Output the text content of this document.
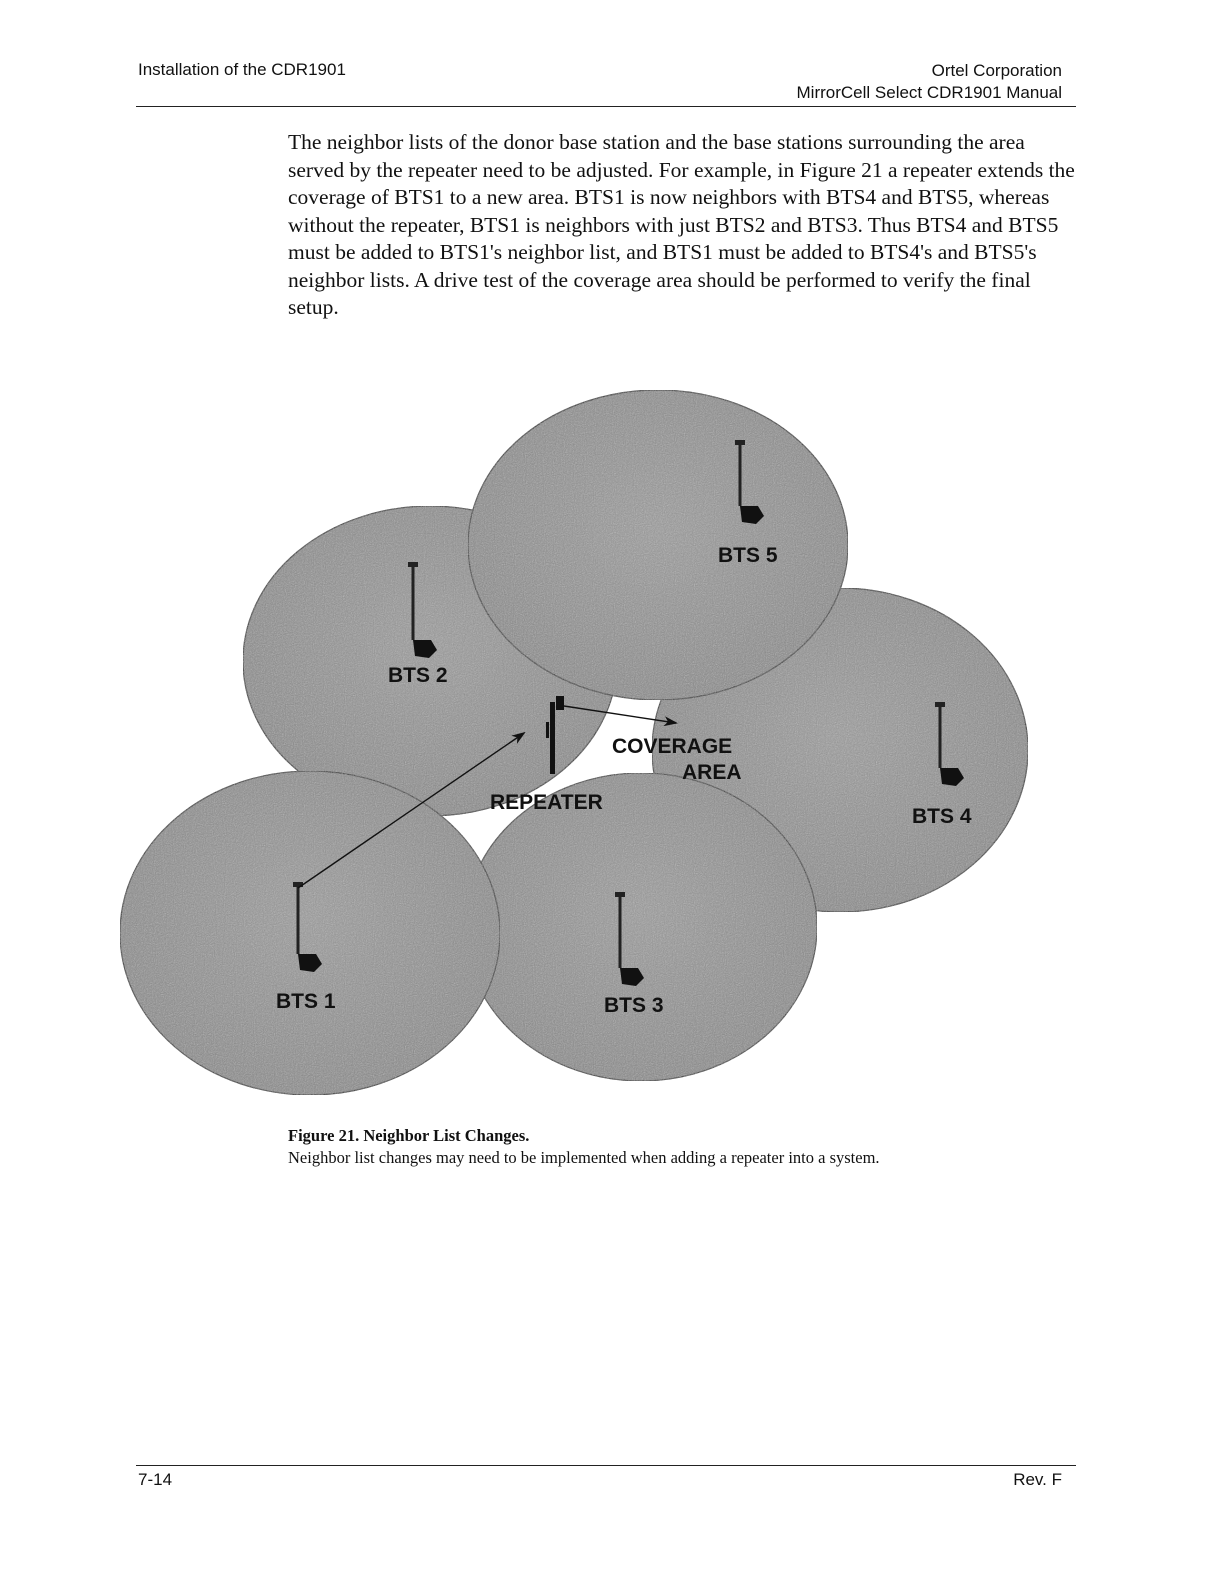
Installation of the CDR1901	Ortel Corporation
MirrorCell Select CDR1901 Manual

The neighbor lists of the donor base station and the base stations surrounding the area served by the repeater need to be adjusted. For example, in Figure 21 a repeater extends the coverage of BTS1 to a new area. BTS1 is now neighbors with BTS4 and BTS5, whereas without the repeater, BTS1 is neighbors with just BTS2 and BTS3. Thus BTS4 and BTS5 must be added to BTS1's neighbor list, and BTS1 must be added to BTS4's and BTS5's neighbor lists. A drive test of the coverage area should be performed to verify the final setup.

BTS 5
BTS 2
BTS 4
BTS 1	BTS 3
REPEATER
COVERAGE
AREA
Figure 21. Neighbor List Changes.
Neighbor list changes may need to be implemented when adding a repeater into a system.
7-14	Rev. F
